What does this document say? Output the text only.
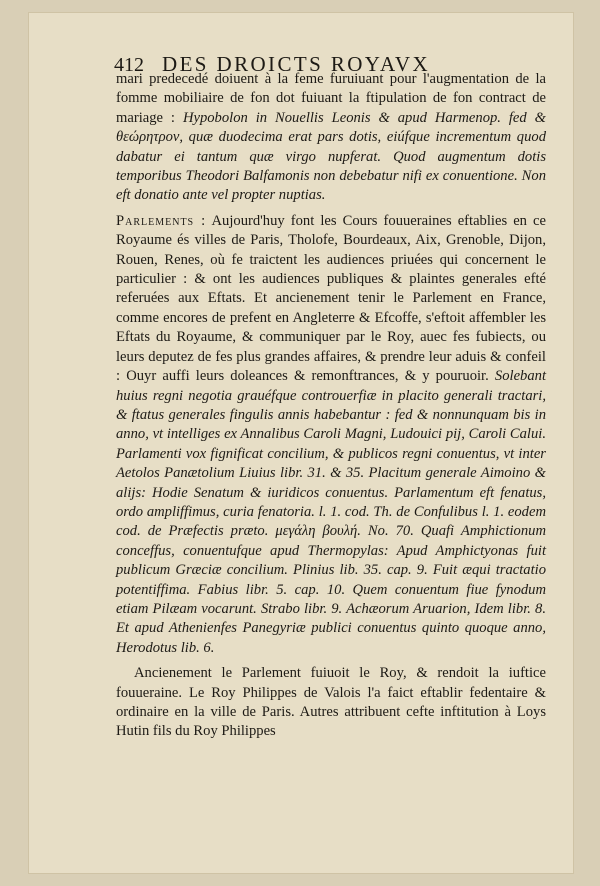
412 DES DROICTS ROYAVX

mari predecedé doiuent à la feme furuiuant pour l'augmentation de la fomme mobiliaire de fon dot fuiuant la ftipulation de fon contract de mariage : Hypobolon in Nouellis Leonis & apud Harmenop. fed & θεώρητρον, quæ duodecima erat pars dotis, eiúfque incrementum quod dabatur ei tantum quæ virgo nupferat. Quod augmentum dotis temporibus Theodori Balfamonis non debebatur nifi ex conuentione. Non eft donatio ante vel propter nuptias.

Parlements : Aujourd'huy font les Cours fouueraines eftablies en ce Royaume és villes de Paris, Tholofe, Bourdeaux, Aix, Grenoble, Dijon, Rouen, Renes, où fe traictent les audiences priuées qui concernent le particulier : & ont les audiences publiques & plaintes generales efté referuées aux Eftats. Et ancienement tenir le Parlement en France, comme encores de prefent en Angleterre & Efcoffe, s'eftoit affembler les Eftats du Royaume, & communiquer par le Roy, auec fes fubiects, ou leurs deputez de fes plus grandes affaires, & prendre leur aduis & confeil : Ouyr auffi leurs doleances & remonftrances, & y pouruoir. Solebant huius regni negotia grauéfque controuerfiæ in placito generali tractari, & ftatus generales fingulis annis habebantur : fed & nonnunquam bis in anno, vt intelliges ex Annalibus Caroli Magni, Ludouici pij, Caroli Calui. Parlamenti vox fignificat concilium, & publicos regni conuentus, vt inter Aetolos Panætolium Liuius libr. 31. & 35. Placitum generale Aimoino & alijs: Hodie Senatum & iuridicos conuentus. Parlamentum eft fenatus, ordo ampliffimus, curia fenatoria. l. 1. cod. Th. de Confulibus l. 1. eodem cod. de Præfectis præto. μεγάλη βουλή. No. 70. Quafi Amphictionum conceffus, conuentufque apud Thermopylas: Apud Amphictyonas fuit publicum Græciæ concilium. Plinius lib. 35. cap. 9. Fuit æqui tractatio potentiffima. Fabius libr. 5. cap. 10. Quem conuentum fiue fynodum etiam Pilæam vocarunt. Strabo libr. 9. Achæorum Aruarion, Idem libr. 8. Et apud Athenienfes Panegyriæ publici conuentus quinto quoque anno, Herodotus lib. 6.

Ancienement le Parlement fuiuoit le Roy, & rendoit la iuftice fouueraine. Le Roy Philippes de Valois l'a faict eftablir fedentaire & ordinaire en la ville de Paris. Autres attribuent cefte inftitution à Loys Hutin fils du Roy Philippes
